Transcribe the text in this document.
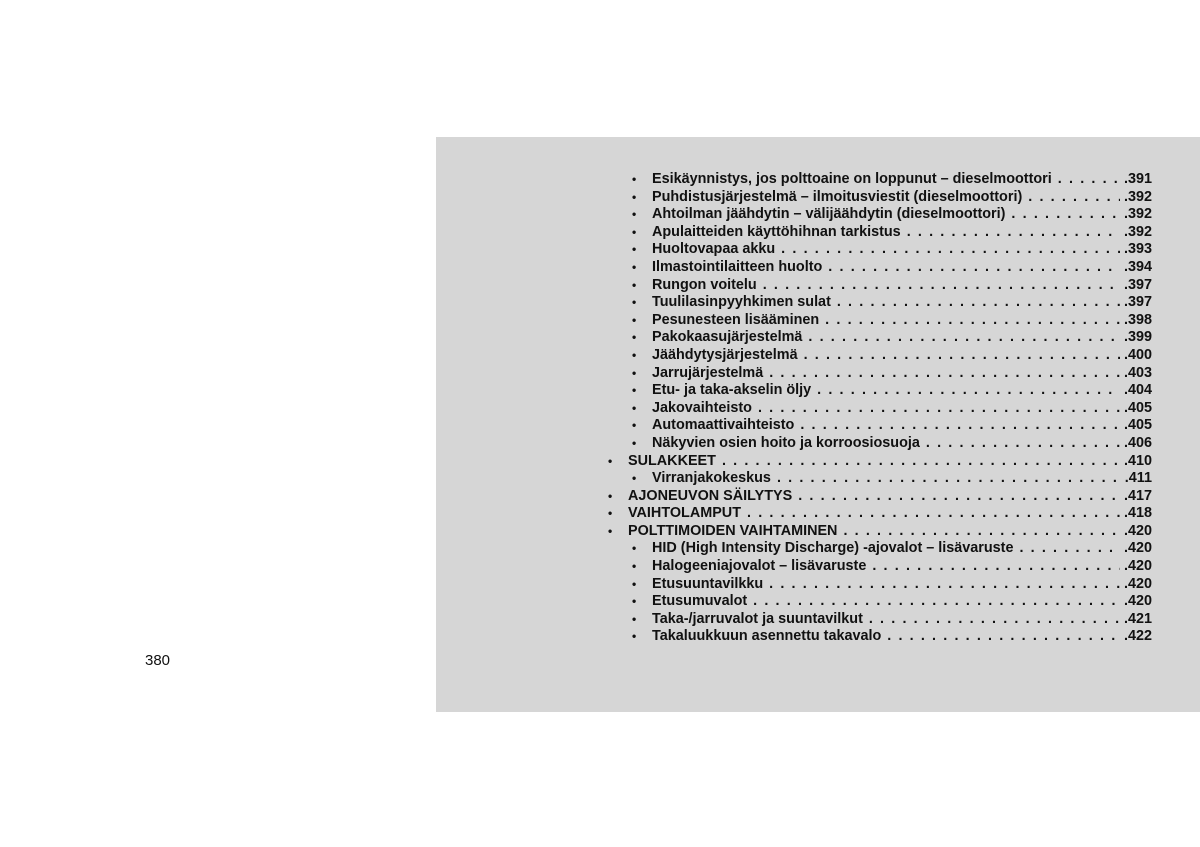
380
•	Esikäynnistys, jos polttoaine on loppunut – dieselmoottori . . .	.391
•	Puhdistusjärjestelmä – ilmoitusviestit (dieselmoottori) . . .	.392
•	Ahtoilman jäähdytin – välijäähdytin (dieselmoottori) . . .	.392
•	Apulaitteiden käyttöhihnan tarkistus . . .	.392
•	Huoltovapaa akku . . .	.393
•	Ilmastointilaitteen huolto . . .	.394
•	Rungon voitelu . . .	.397
•	Tuulilasinpyyhkimen sulat . . .	.397
•	Pesunesteen lisääminen . . .	.398
•	Pakokaasujärjestelmä . . .	.399
•	Jäähdytysjärjestelmä . . .	.400
•	Jarrujärjestelmä . . .	.403
•	Etu- ja taka-akselin öljy . . .	.404
•	Jakovaihteisto . . .	.405
•	Automaattivaihteisto . . .	.405
•	Näkyvien osien hoito ja korroosiosuoja . . .	.406
•	SULAKKEET . . .	.410
•	Virranjakokeskus . . .	.411
•	AJONEUVON SÄILYTYS . . .	.417
•	VAIHTOLAMPUT . . .	.418
•	POLTTIMOIDEN VAIHTAMINEN . . .	.420
•	HID (High Intensity Discharge) -ajovalot – lisävaruste . . .	.420
•	Halogeeniajovalot – lisävaruste . . .	.420
•	Etusuuntavilkku . . .	.420
•	Etusumuvalot . . .	.420
•	Taka-/jarruvalot ja suuntavilkut . . .	.421
•	Takaluukkuun asennettu takavalo . . .	.422
